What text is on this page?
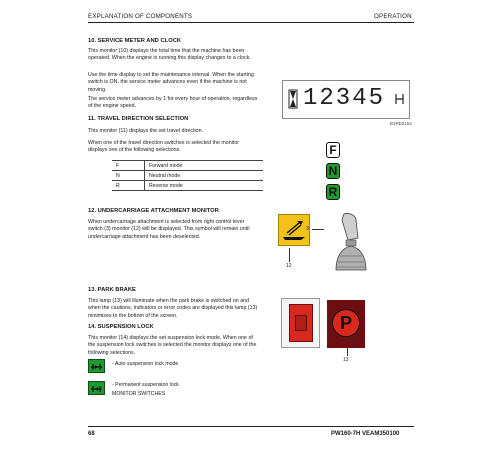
EXPLANATION OF COMPONENTS	OPERATION
10. SERVICE METER AND CLOCK
This monitor (10) displays the total time that the machine has been operated. When the engine is running this display changes to a clock.
Use the time display to set the maintenance interval. When the starting switch is ON, the service meter advances even if the machine is not moving.
The service meter advances by 1 for every hour of operation, regardless of the engine speed.	12345
B1RE0154
11. TRAVEL DIRECTION SELECTION
This monitor (11) displays the set travel direction.
When one of the travel direction switches is selected the monitor displays one of the following selections.
F	Forward mode
N	Neutral mode
R	Reverse mode
F
N
R
12. UNDERCARRIAGE ATTACHMENT MONITOR
When undercarriage attachment is selected from right control lever switch (3) monitor (12) will be displayed. This symbol will remain until undercarriage attachment has been deselected.
3
12
13. PARK BRAKE
This lamp (13) will illuminate when the park brake is switched on and when the cautions, indicators or error codes are displayed this lamp (13) minimises to the bottom of the screen.
14. SUSPENSION LOCK
This monitor (14) displays the set suspension lock mode. When one of the suspension lock switches is selected the monitor displays one of the following selections.
- Auto suspension lock mode
- Permanent suspension lock
MONITOR SWITCHES
P
13
68	PW160-7H VEAM350100
